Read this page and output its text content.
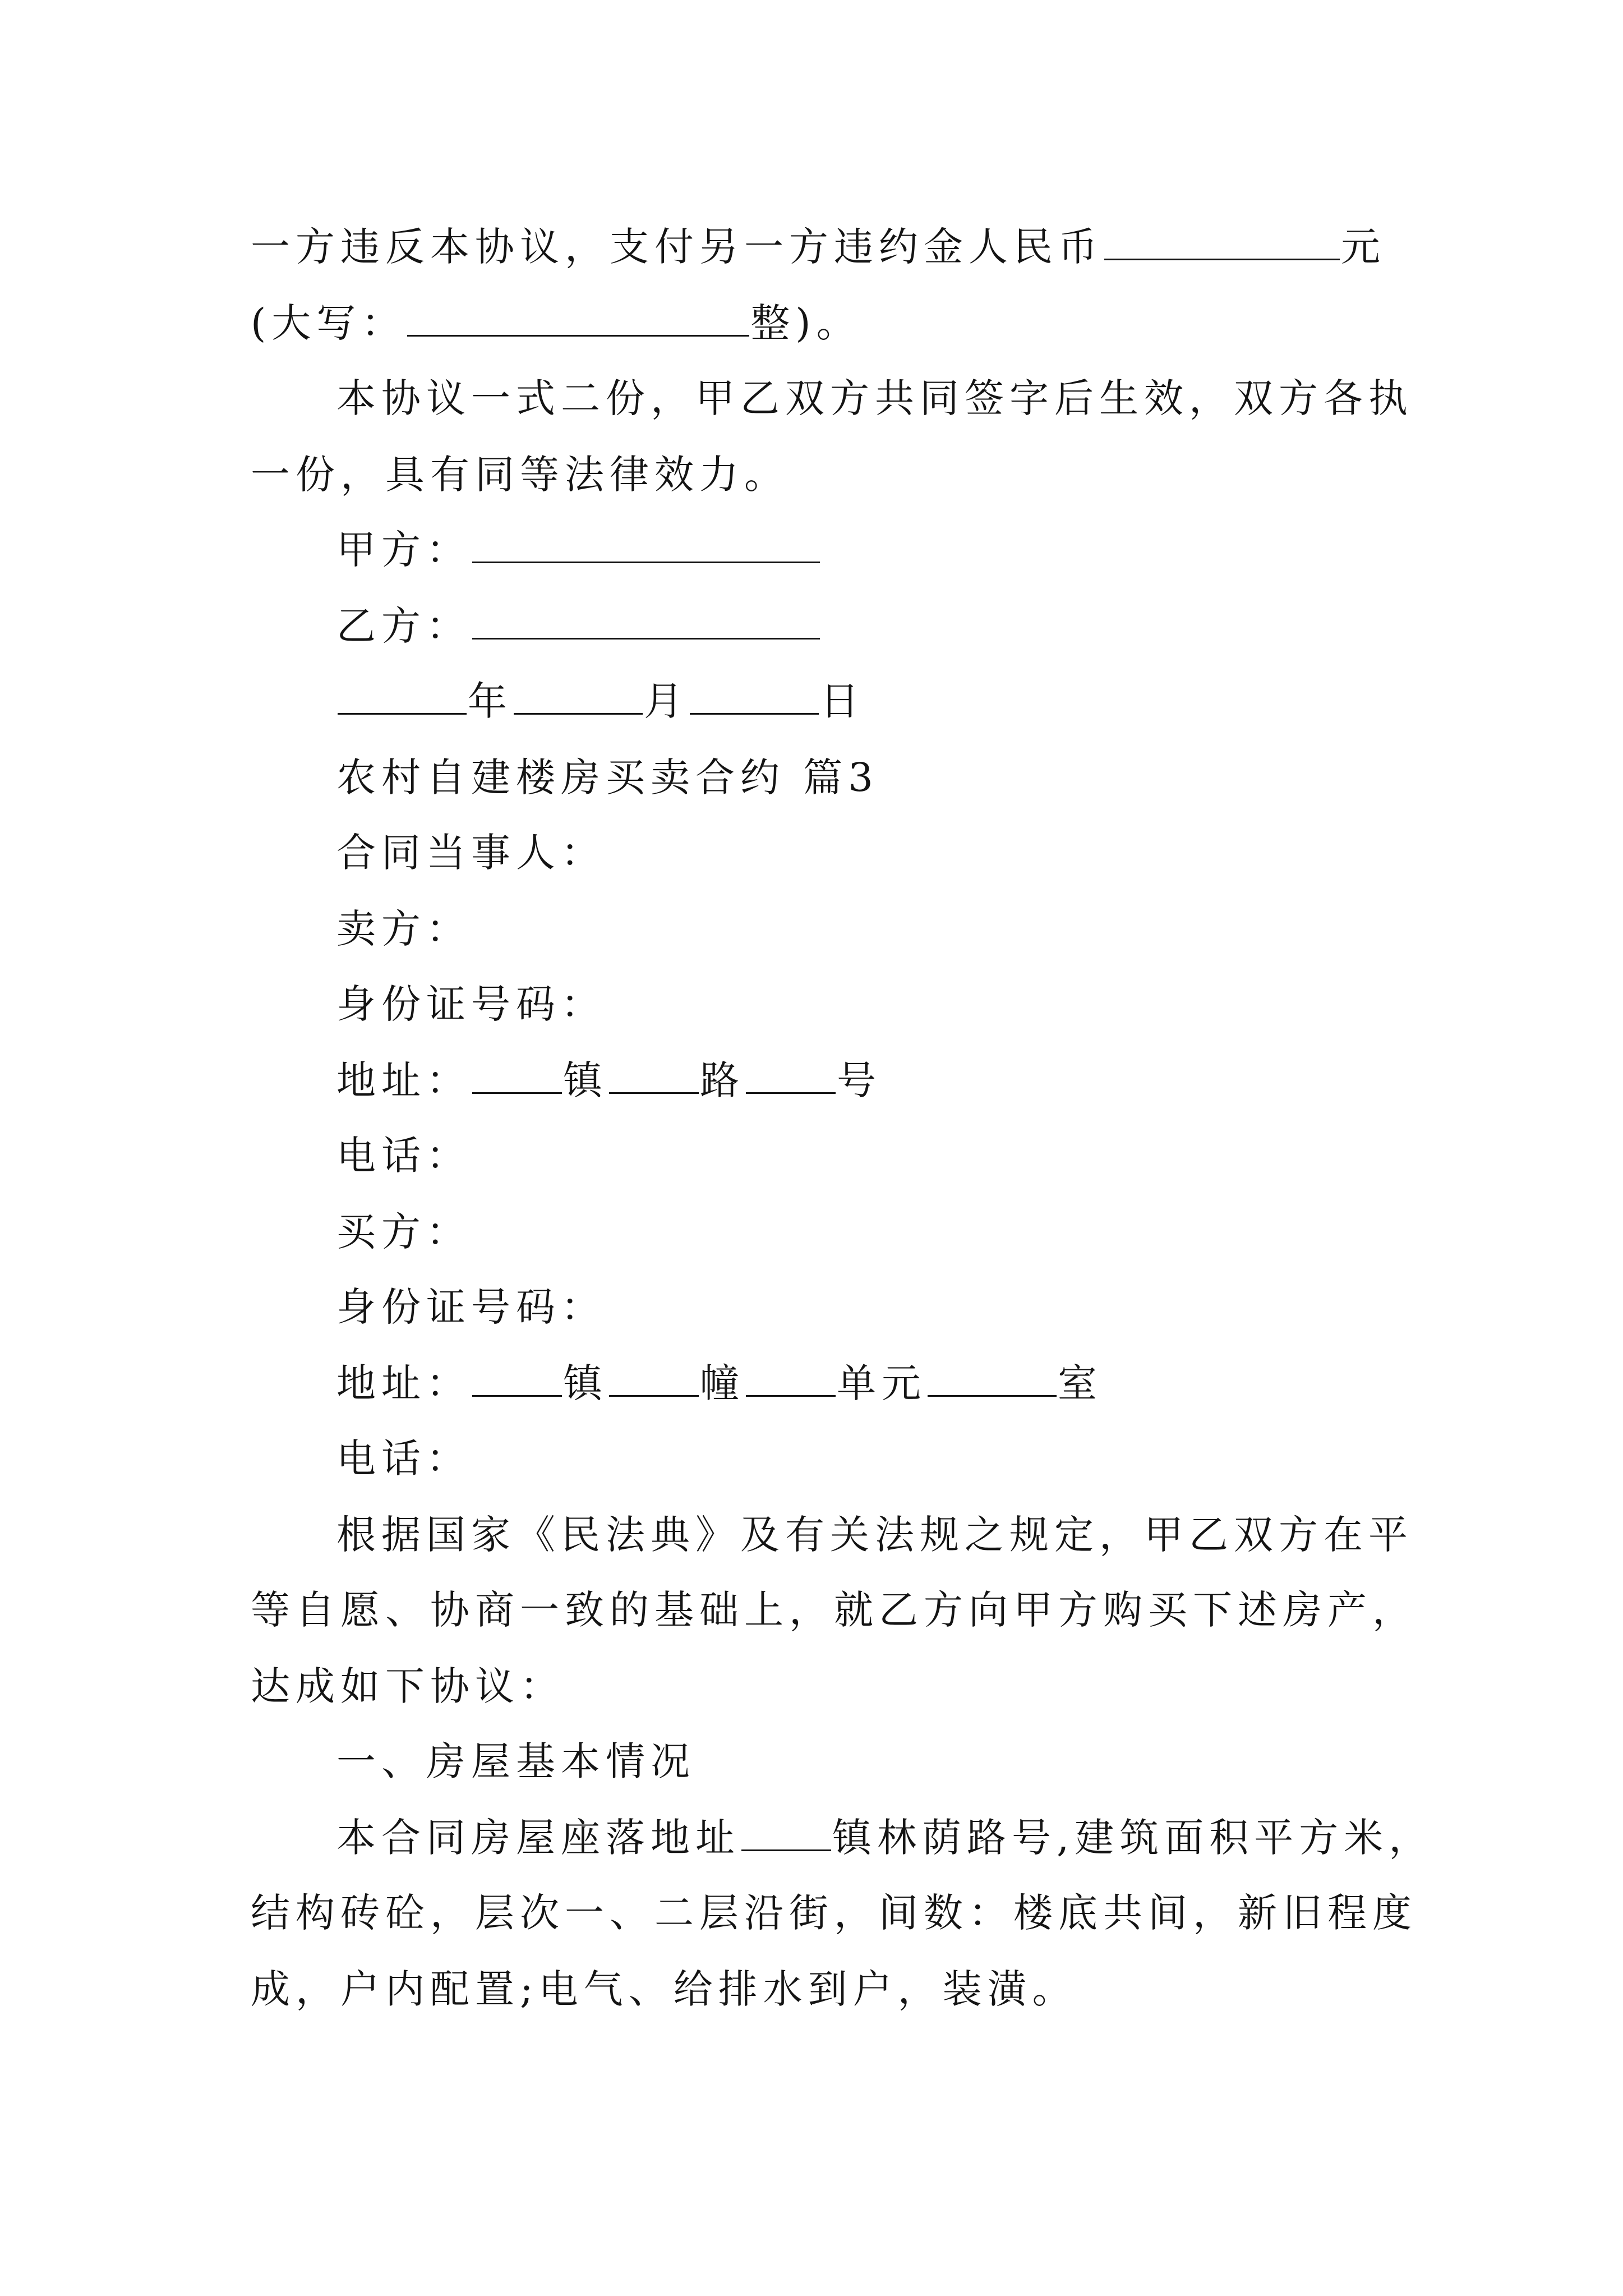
一方违反本协议，支付另一方违约金人民币	元
(大写：	整)。
本协议一式二份，甲乙双方共同签字后生效，双方各执
一份，具有同等法律效力。
甲方：
乙方：
年	月	日
农村自建楼房买卖合约 篇3
合同当事人：
卖方：
身份证号码：
地址： 镇 路 号
电话：
买方：
身份证号码：
地址： 镇 幢 单元	室
电话：
根据国家《民法典》及有关法规之规定，甲乙双方在平
等自愿、协商一致的基础上，就乙方向甲方购买下述房产，
达成如下协议：
一、房屋基本情况
本合同房屋座落地址 镇林荫路号,建筑面积平方米，
结构砖砼，层次一、二层沿街，间数：楼底共间，新旧程度
成，户内配置;电气、给排水到户，装潢。
